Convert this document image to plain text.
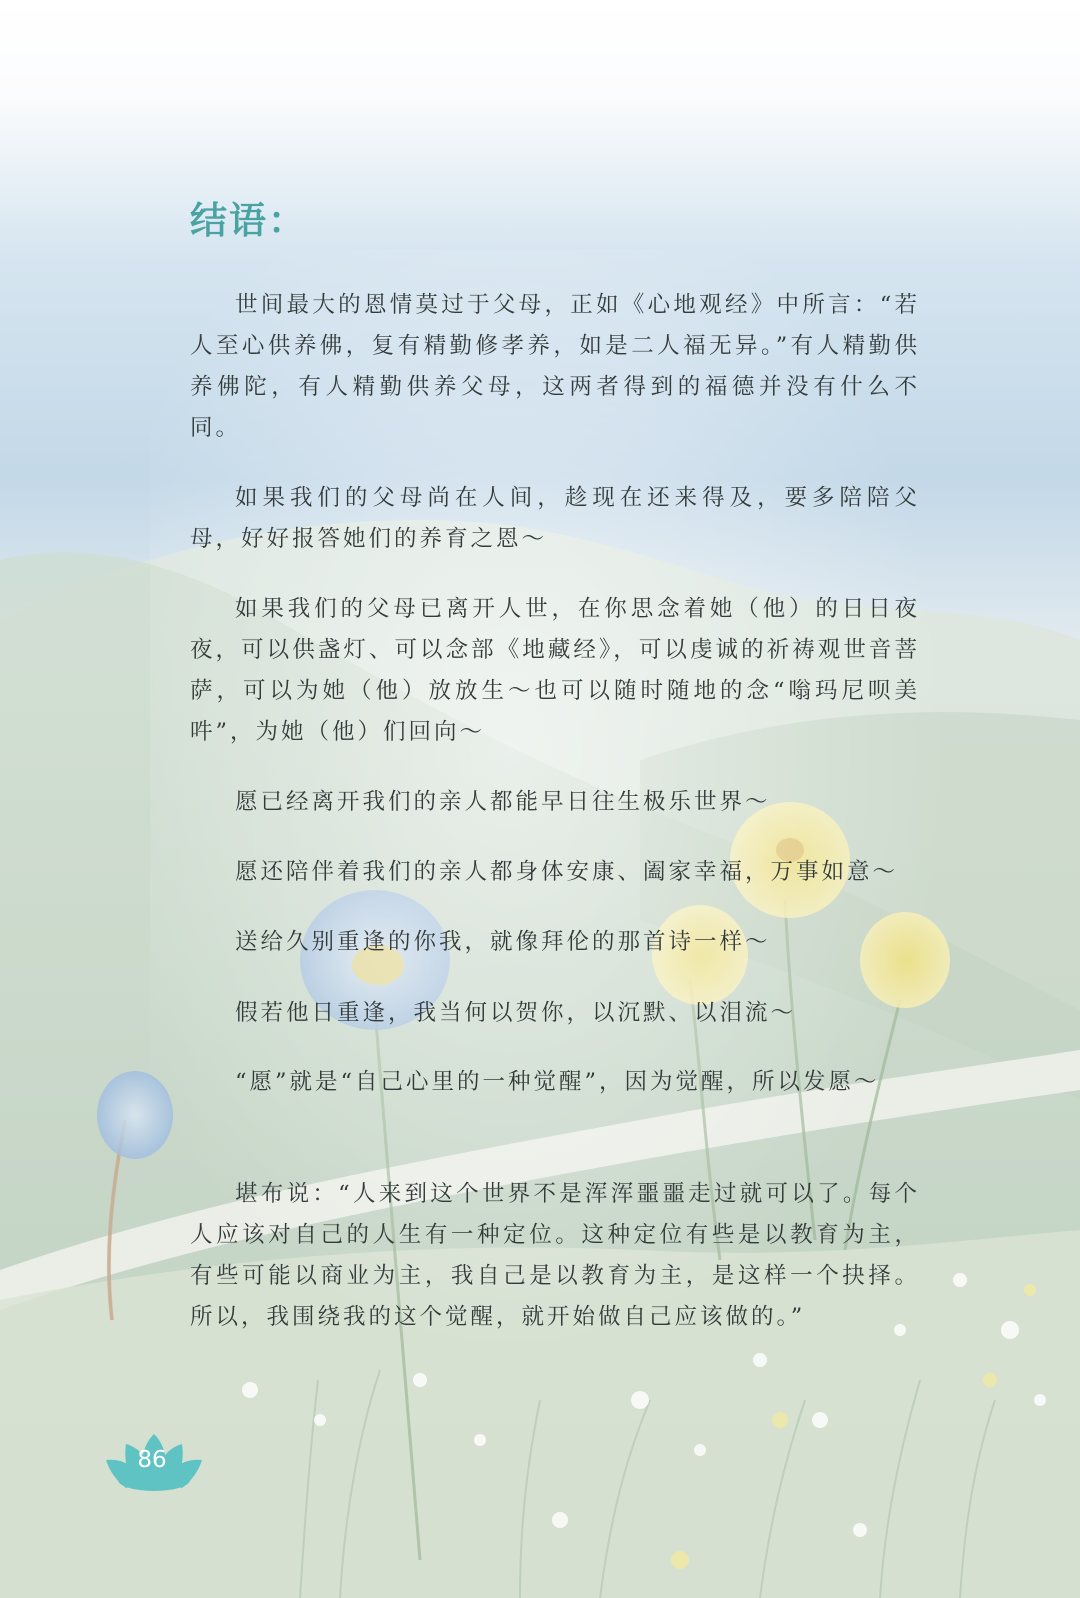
结语：

世间最大的恩情莫过于父母，正如《心地观经》中所言：“若人至心供养佛，复有精勤修孝养，如是二人福无异。”有人精勤供养佛陀，有人精勤供养父母，这两者得到的福德并没有什么不同。

如果我们的父母尚在人间，趁现在还来得及，要多陪陪父母，好好报答她们的养育之恩～

如果我们的父母已离开人世，在你思念着她（他）的日日夜夜，可以供盏灯、可以念部《地藏经》，可以虔诚的祈祷观世音菩萨，可以为她（他）放放生～也可以随时随地的念“嗡玛尼呗美吽”，为她（他）们回向～

愿已经离开我们的亲人都能早日往生极乐世界～

愿还陪伴着我们的亲人都身体安康、阖家幸福，万事如意～

送给久别重逢的你我，就像拜伦的那首诗一样～

假若他日重逢，我当何以贺你，以沉默、以泪流～

“愿”就是“自己心里的一种觉醒”，因为觉醒，所以发愿～

堪布说：“人来到这个世界不是浑浑噩噩走过就可以了。每个人应该对自己的人生有一种定位。这种定位有些是以教育为主，有些可能以商业为主，我自己是以教育为主，是这样一个抉择。所以，我围绕我的这个觉醒，就开始做自己应该做的。”

86
